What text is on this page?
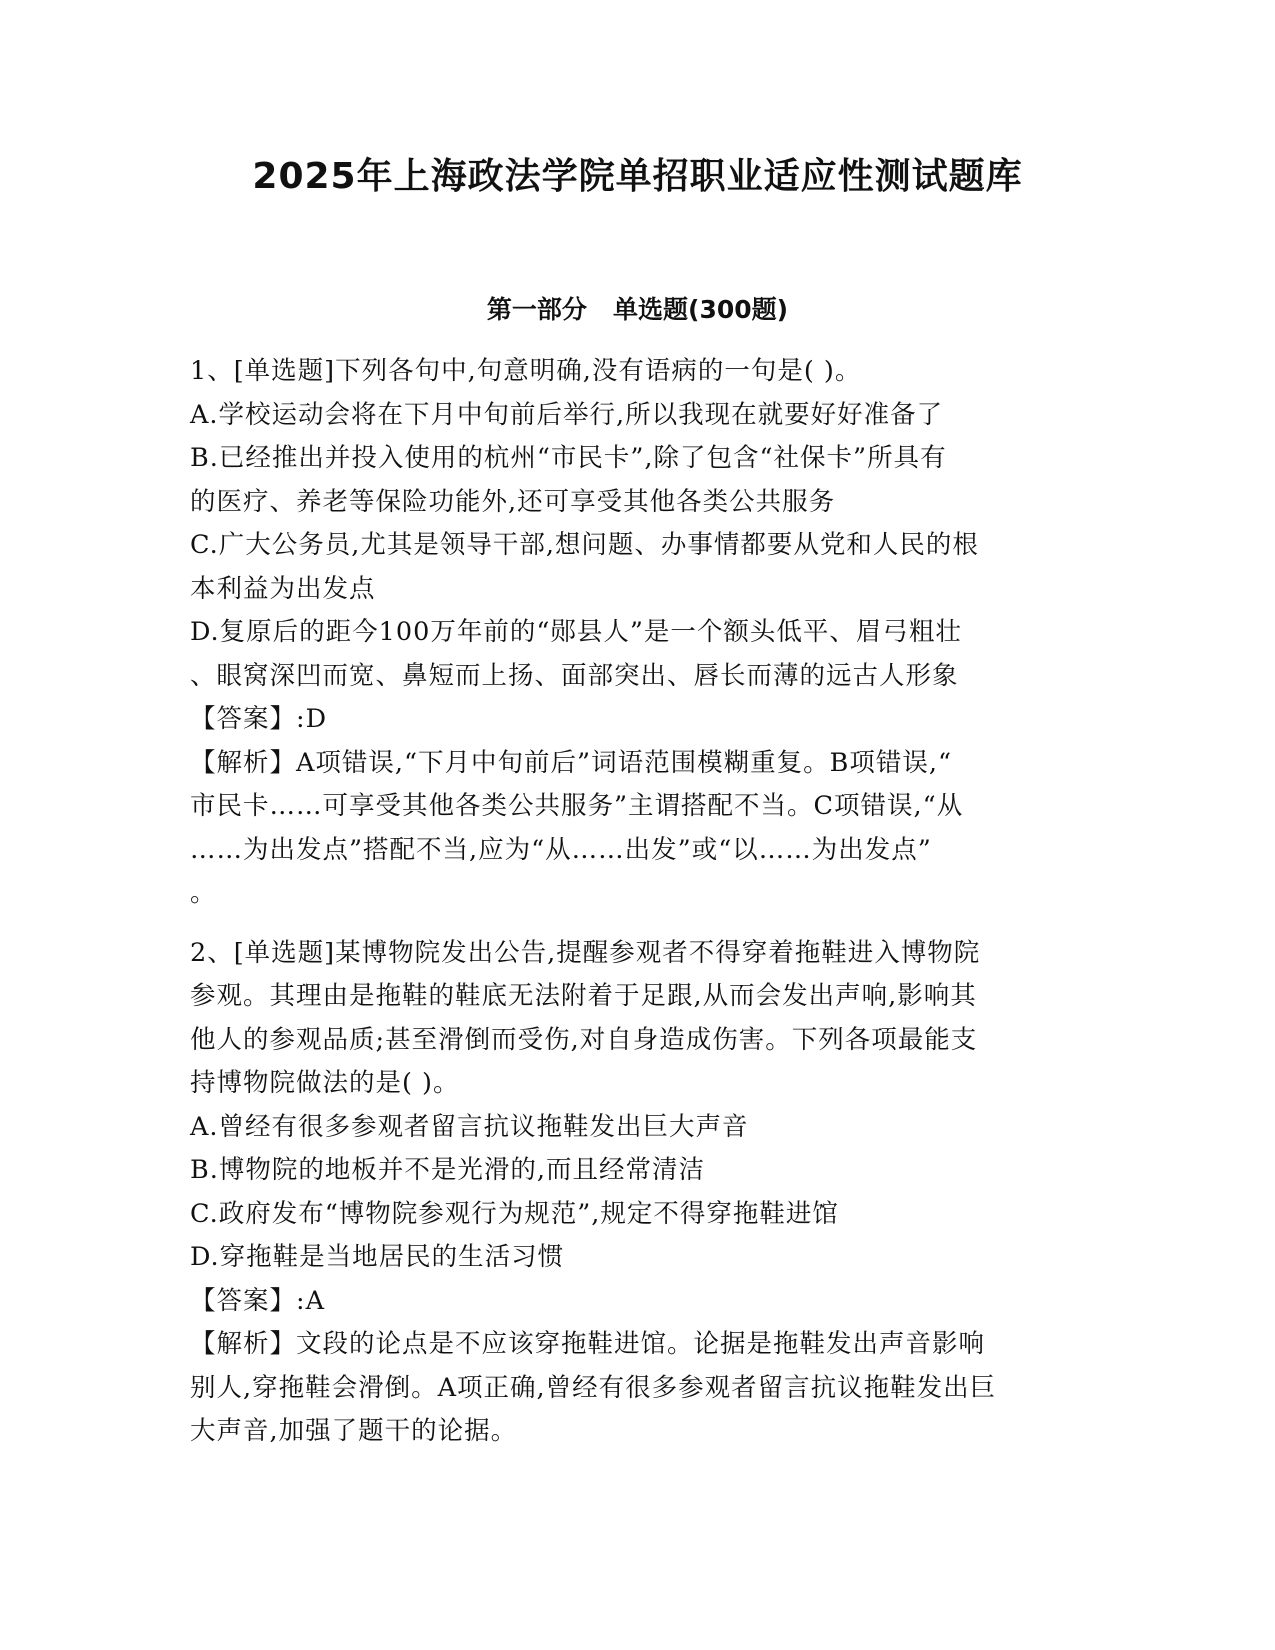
2025年上海政法学院单招职业适应性测试题库
第一部分   单选题(300题)
1、[单选题]下列各句中,句意明确,没有语病的一句是( )。
A.学校运动会将在下月中旬前后举行,所以我现在就要好好准备了
B.已经推出并投入使用的杭州“市民卡”,除了包含“社保卡”所具有
的医疗、养老等保险功能外,还可享受其他各类公共服务
C.广大公务员,尤其是领导干部,想问题、办事情都要从党和人民的根
本利益为出发点
D.复原后的距今100万年前的“郧县人”是一个额头低平、眉弓粗壮
、眼窝深凹而宽、鼻短而上扬、面部突出、唇长而薄的远古人形象
【答案】:D
【解析】A项错误,“下月中旬前后”词语范围模糊重复。B项错误,“
市民卡……可享受其他各类公共服务”主谓搭配不当。C项错误,“从
……为出发点”搭配不当,应为“从……出发”或“以……为出发点”
。
2、[单选题]某博物院发出公告,提醒参观者不得穿着拖鞋进入博物院
参观。其理由是拖鞋的鞋底无法附着于足跟,从而会发出声响,影响其
他人的参观品质;甚至滑倒而受伤,对自身造成伤害。下列各项最能支
持博物院做法的是( )。
A.曾经有很多参观者留言抗议拖鞋发出巨大声音
B.博物院的地板并不是光滑的,而且经常清洁
C.政府发布“博物院参观行为规范”,规定不得穿拖鞋进馆
D.穿拖鞋是当地居民的生活习惯
【答案】:A
【解析】文段的论点是不应该穿拖鞋进馆。论据是拖鞋发出声音影响
别人,穿拖鞋会滑倒。A项正确,曾经有很多参观者留言抗议拖鞋发出巨
大声音,加强了题干的论据。
